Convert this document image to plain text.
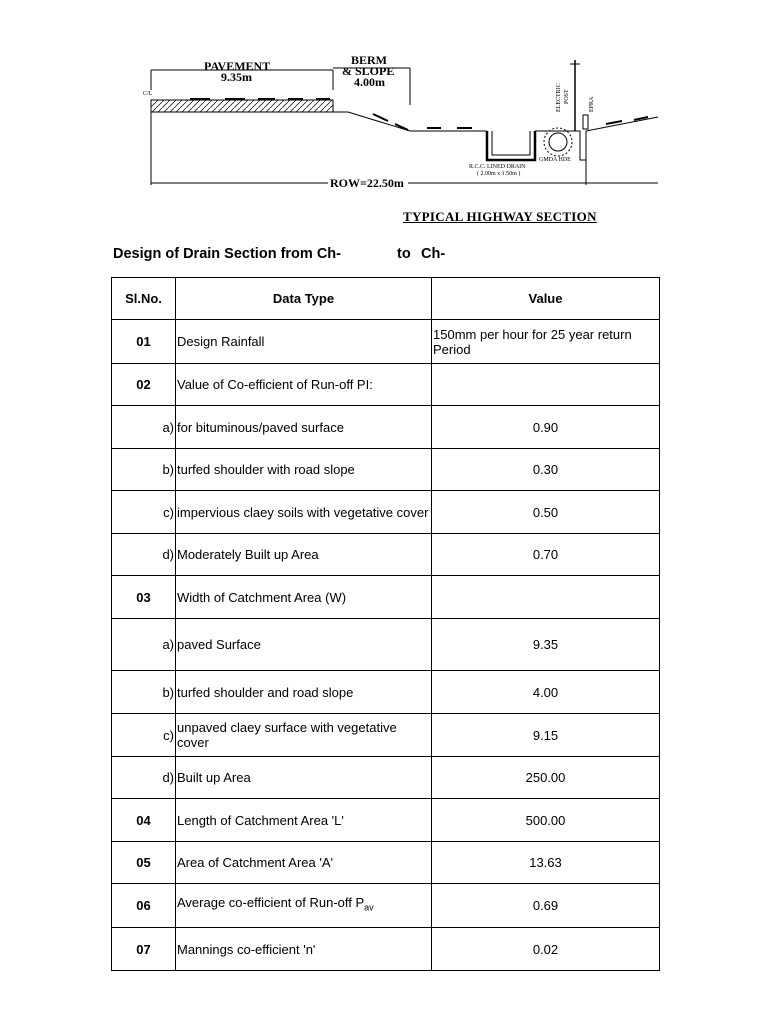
PAVEMENT
9.35m
BERM
& SLOPE
4.00m
C/L	ELECTRIC POST	EPRA
R.C.C. LINED DRAIN
( 2.00m x 1.50m )
GMDA HDE
ROW=22.50m
TYPICAL HIGHWAY SECTION
Design of Drain Section from Ch-	to Ch-
Sl.No.	Data Type	Value
01	Design Rainfall	150mm per hour for 25 year return Period
02	Value of Co-efficient of Run-off PI:	
a)	for bituminous/paved surface	0.90
b)	turfed shoulder with road slope	0.30
c)	impervious claey soils with vegetative cover	0.50
d)	Moderately Built up Area	0.70
03	Width of Catchment Area (W)	
a)	paved Surface	9.35
b)	turfed shoulder and road slope	4.00
c)	unpaved claey surface with vegetative cover	9.15
d)	Built up Area	250.00
04	Length of Catchment Area 'L'	500.00
05	Area of Catchment Area 'A'	13.63
06	Average co-efficient of Run-off $P_{av}$	0.69
07	Mannings co-efficient 'n'	0.02
